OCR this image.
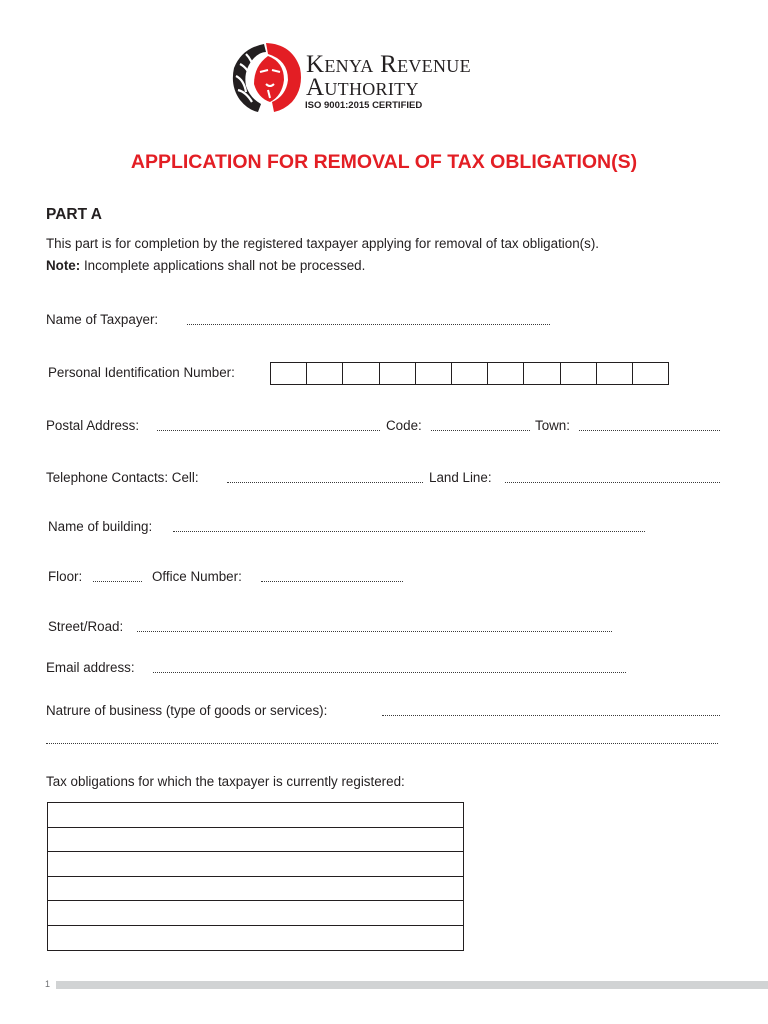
Kenya Revenue
Authority
ISO 9001:2015 CERTIFIED
APPLICATION FOR REMOVAL OF TAX OBLIGATION(S)
PART A
This part is for completion by the registered taxpayer applying for removal of tax obligation(s).
Note: Incomplete applications shall not be processed.
Name of Taxpayer:
Personal Identification Number:
Postal Address:	Code:	Town:
Telephone Contacts: Cell:	Land Line:
Name of building:
Floor:	Office Number:
Street/Road:
Email address:
Natrure of business (type of goods or services):
Tax obligations for which the taxpayer is currently registered:
1
